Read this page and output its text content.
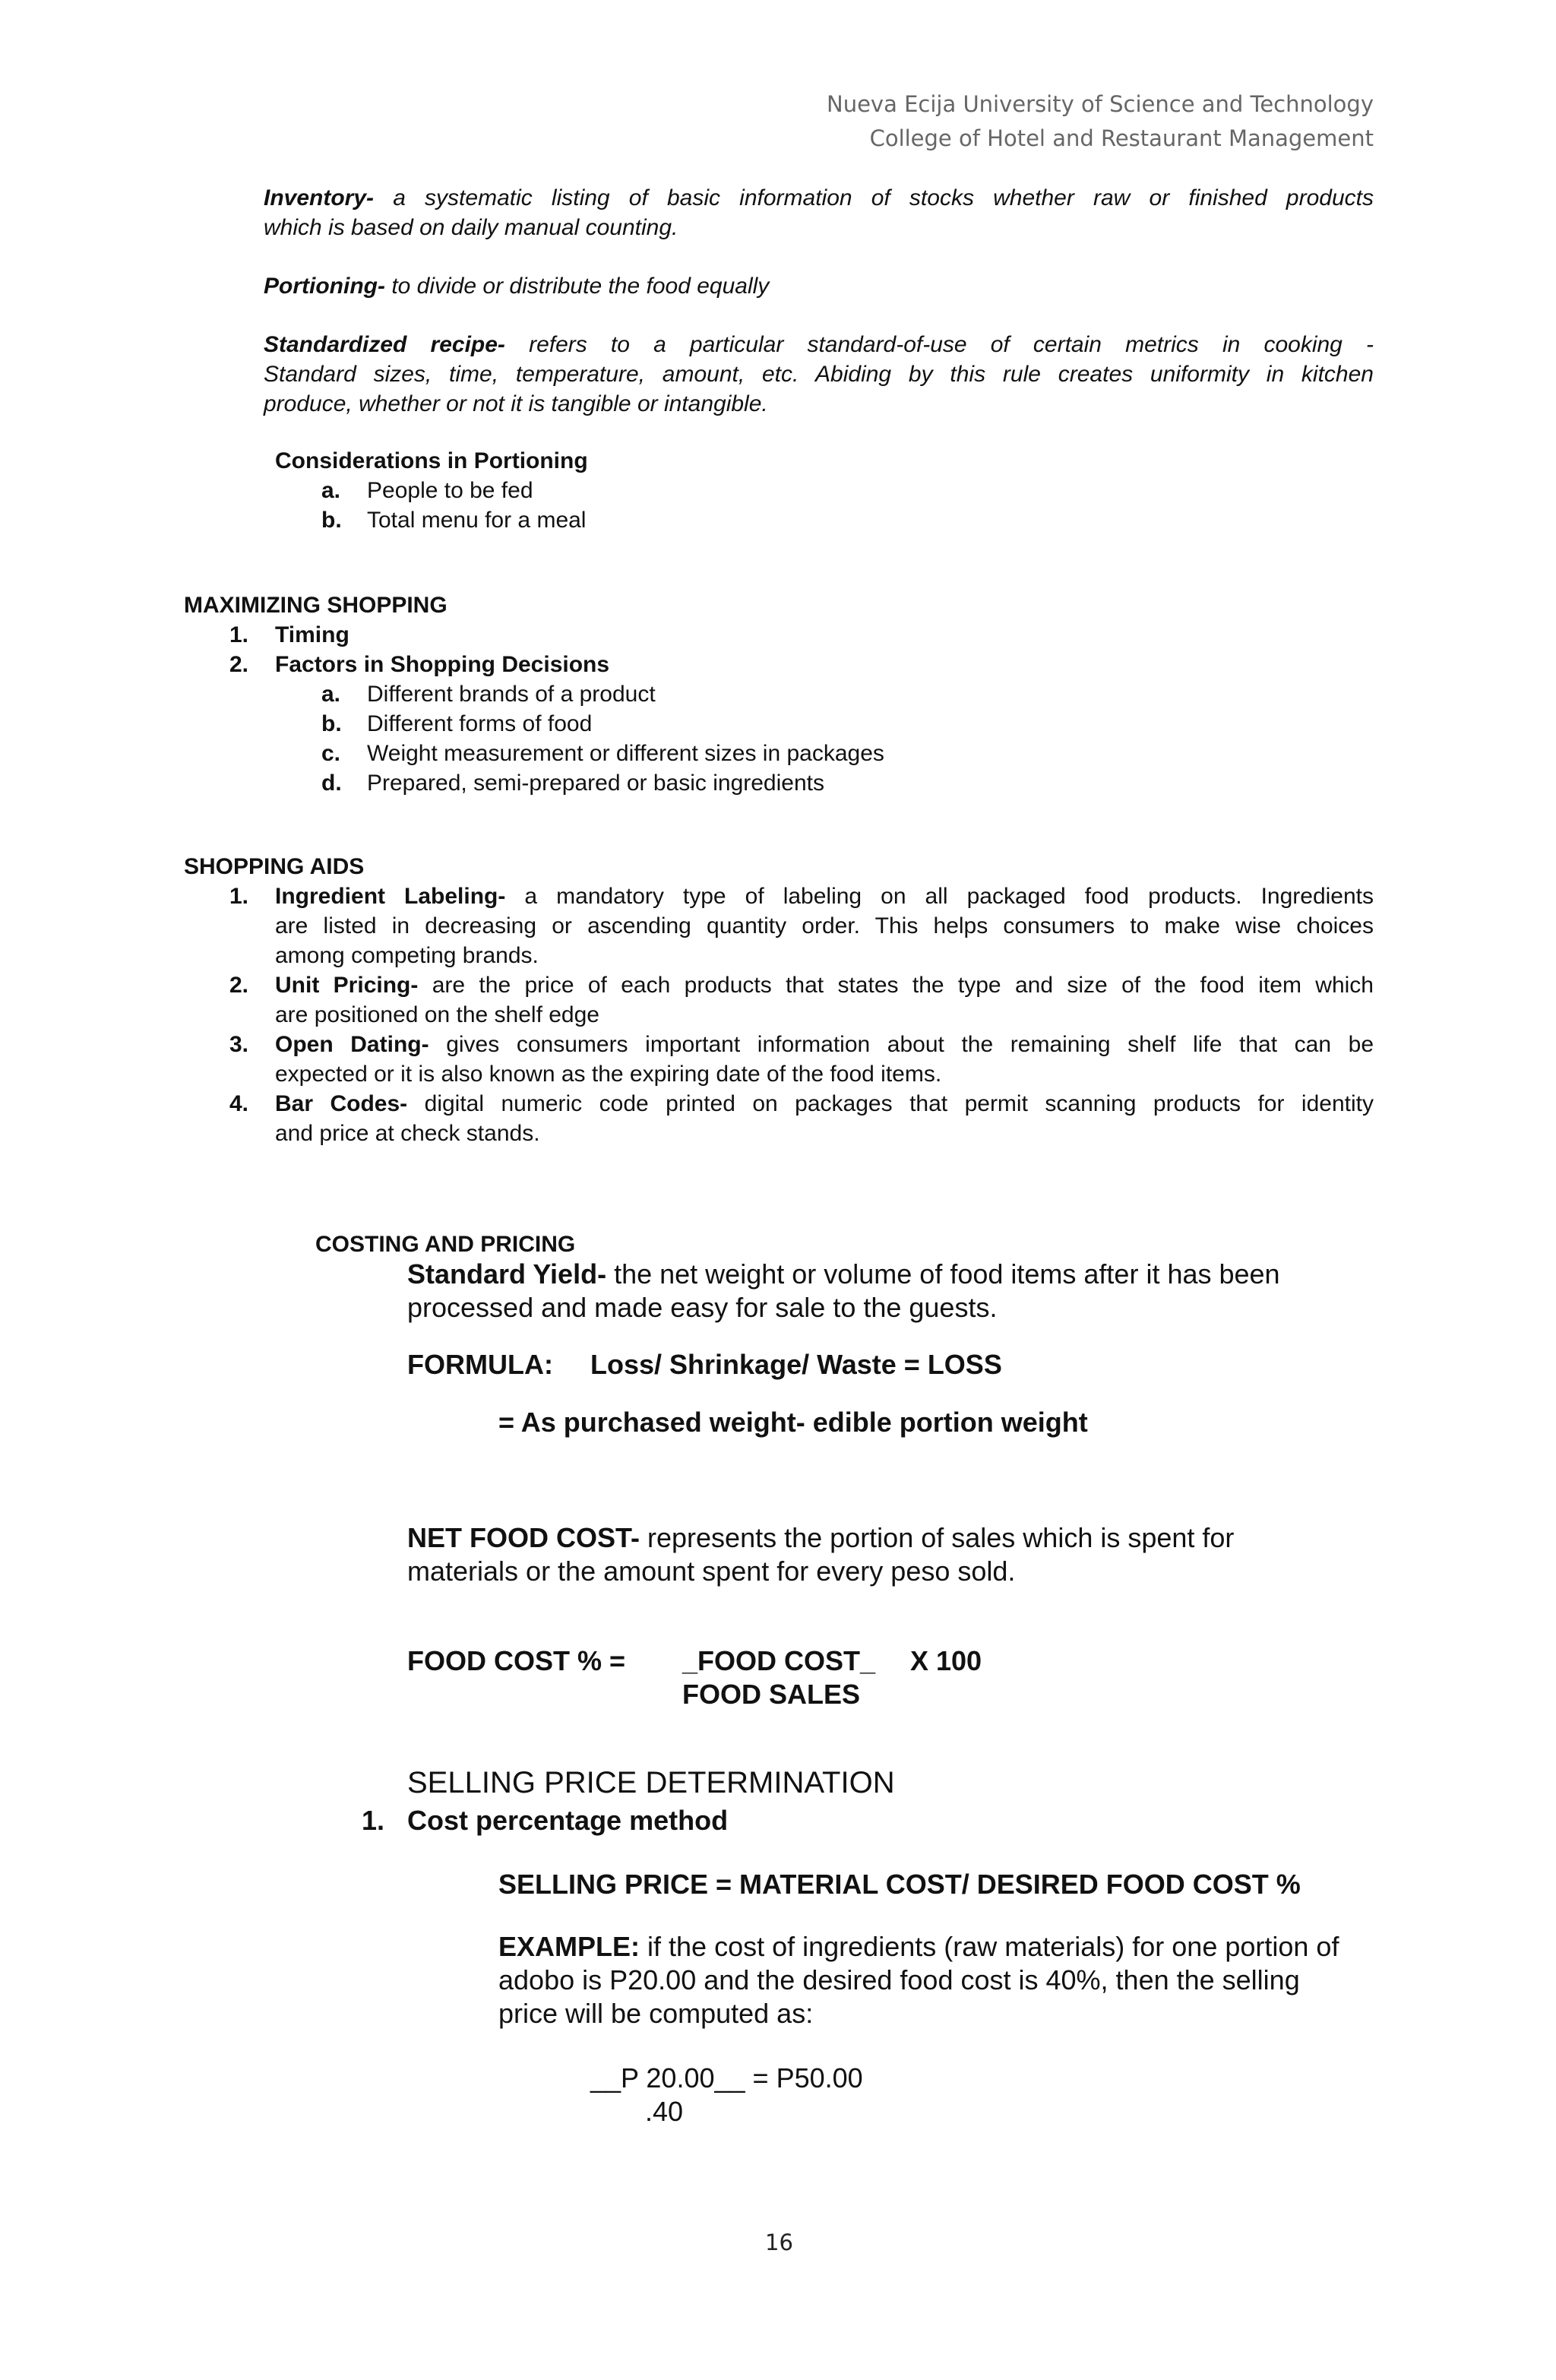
Nueva Ecija University of Science and Technology
College of Hotel and Restaurant Management
Inventory- a systematic listing of basic information of stocks whether raw or finished products
which is based on daily manual counting.
Portioning- to divide or distribute the food equally
Standardized recipe- refers to a particular standard-of-use of certain metrics in cooking -
Standard sizes, time, temperature, amount, etc. Abiding by this rule creates uniformity in kitchen
produce, whether or not it is tangible or intangible.
Considerations in Portioning
a. People to be fed
b. Total menu for a meal
MAXIMIZING SHOPPING
1. Timing
2. Factors in Shopping Decisions
a. Different brands of a product
b. Different forms of food
c. Weight measurement or different sizes in packages
d. Prepared, semi-prepared or basic ingredients
SHOPPING AIDS
1. Ingredient Labeling- a mandatory type of labeling on all packaged food products. Ingredients
are listed in decreasing or ascending quantity order. This helps consumers to make wise choices
among competing brands.
2. Unit Pricing- are the price of each products that states the type and size of the food item which
are positioned on the shelf edge
3. Open Dating- gives consumers important information about the remaining shelf life that can be
expected or it is also known as the expiring date of the food items.
4. Bar Codes- digital numeric code printed on packages that permit scanning products for identity
and price at check stands.
COSTING AND PRICING
Standard Yield- the net weight or volume of food items after it has been
processed and made easy for sale to the guests.
FORMULA: Loss/ Shrinkage/ Waste = LOSS
= As purchased weight- edible portion weight
NET FOOD COST- represents the portion of sales which is spent for
materials or the amount spent for every peso sold.
FOOD COST % = _FOOD COST_ X 100
FOOD SALES
SELLING PRICE DETERMINATION
1. Cost percentage method
SELLING PRICE = MATERIAL COST/ DESIRED FOOD COST %
EXAMPLE: if the cost of ingredients (raw materials) for one portion of
adobo is P20.00 and the desired food cost is 40%, then the selling
price will be computed as:
__P 20.00__ = P50.00
.40
16
